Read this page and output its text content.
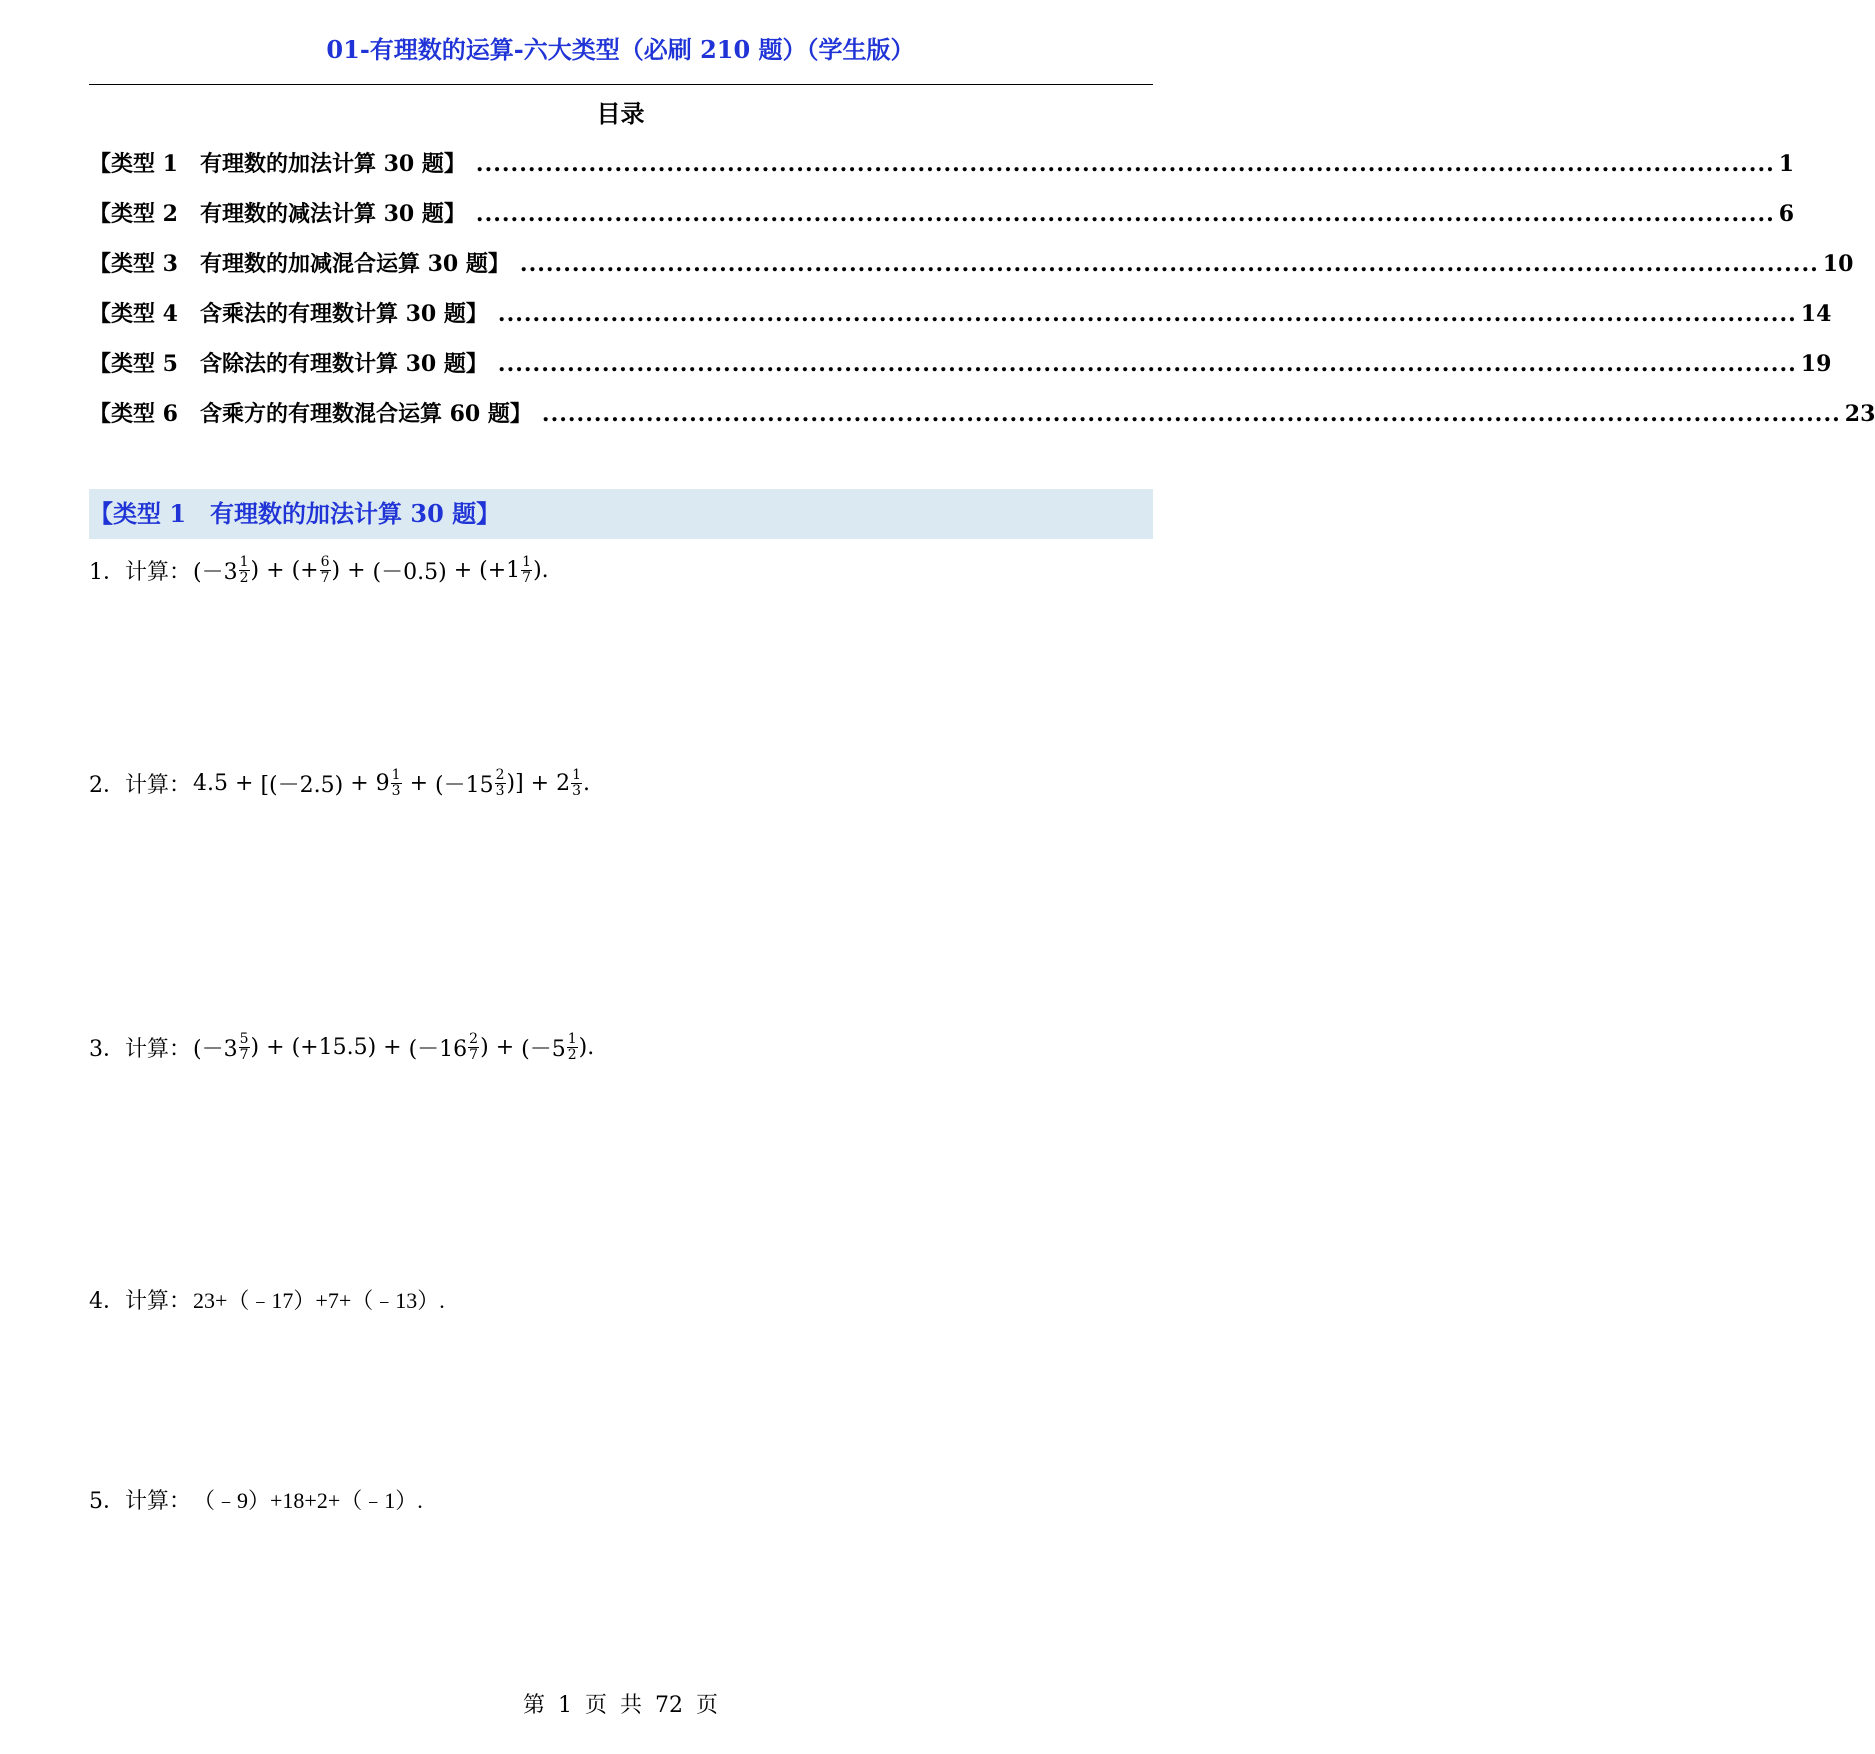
01-有理数的运算-六大类型（必刷 210 题）（学生版）
目录
【类型 1　有理数的加法计算 30 题】 ...................................................................................................................................................... 1
【类型 2　有理数的减法计算 30 题】 ...................................................................................................................................................... 6
【类型 3　有理数的加减混合运算 30 题】 ...................................................................................................................................................... 10
【类型 4　含乘法的有理数计算 30 题】 ...................................................................................................................................................... 14
【类型 5　含除法的有理数计算 30 题】 ...................................................................................................................................................... 19
【类型 6　含乘方的有理数混合运算 60 题】 ...................................................................................................................................................... 23
【类型 1　有理数的加法计算 30 题】
1． 计算： ($-3 \frac{1}{2}$ ) + (+ $\frac{6}{7}$ ) + $(-0.5) + (+1 \frac{1}{7}$ ).
2． 计算： $4.5 + [(-2.5) + 9 \frac{1}{3} + (-15 \frac{2}{3}$ )] + $2 \frac{1}{3}$ .
3． 计算： ($-3 \frac{5}{7}$ ) + $(+15.5) + (-16 \frac{2}{7}$ ) + ($-5 \frac{1}{2}$ ).
4． 计算： 23+（﹣17）+7+（﹣13）.
5． 计算： （﹣9）+18+2+（﹣1）.
第 1 页 共 72 页
